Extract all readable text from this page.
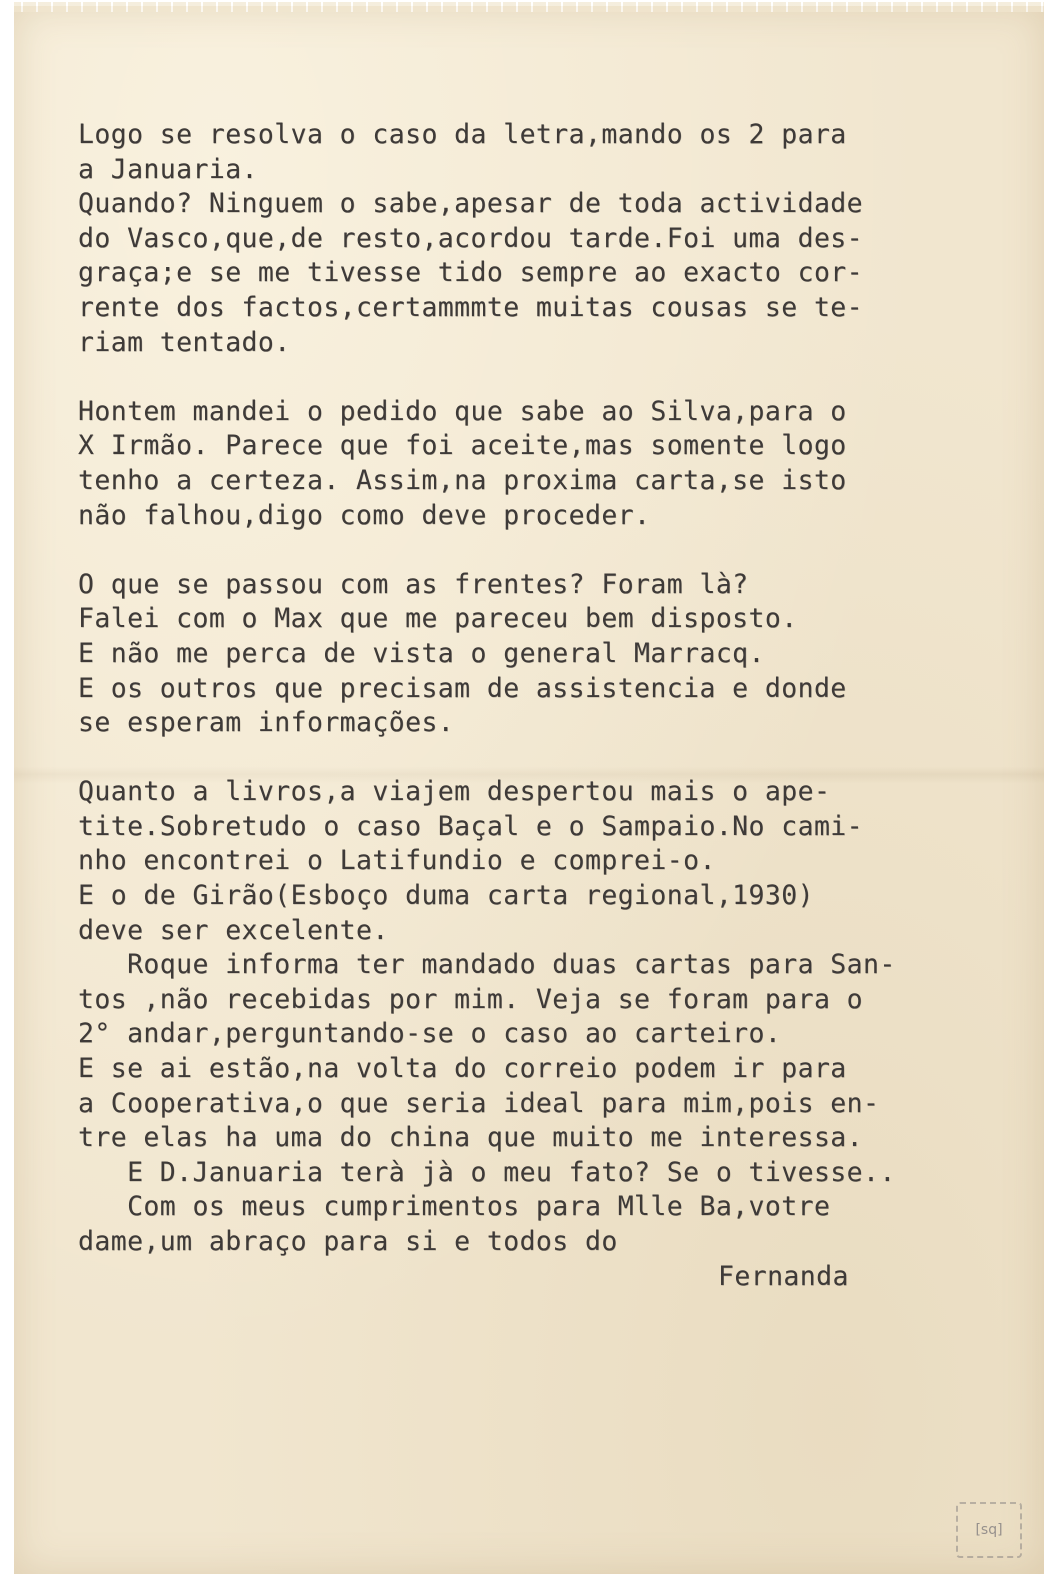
Logo se resolva o caso da letra,mando os 2 para
a Januaria.
Quando? Ninguem o sabe,apesar de toda actividade
do Vasco,que,de resto,acordou tarde.Foi uma des-
graça;e se me tivesse tido sempre ao exacto cor-
rente dos factos,certammmte muitas cousas se te-
riam tentado.
Hontem mandei o pedido que sabe ao Silva,para o
X Irmão. Parece que foi aceite,mas somente logo
tenho a certeza. Assim,na proxima carta,se isto
não falhou,digo como deve proceder.
O que se passou com as frentes? Foram là?
Falei com o Max que me pareceu bem disposto.
E não me perca de vista o general Marracq.
E os outros que precisam de assistencia e donde
se esperam informações.
Quanto a livros,a viajem despertou mais o ape-
tite.Sobretudo o caso Baçal e o Sampaio.No cami-
nho encontrei o Latifundio e comprei-o.
E o de Girão(Esboço duma carta regional,1930)
deve ser excelente.
Roque informa ter mandado duas cartas para San-
tos ,não recebidas por mim. Veja se foram para o
2° andar,perguntando-se o caso ao carteiro.
E se ai estão,na volta do correio podem ir para
a Cooperativa,o que seria ideal para mim,pois en-
tre elas ha uma do china que muito me interessa.
E D.Januaria terà jà o meu fato? Se o tivesse..
Com os meus cumprimentos para Mlle Ba,votre
dame,um abraço para si e todos do
Fernanda
[sq]
